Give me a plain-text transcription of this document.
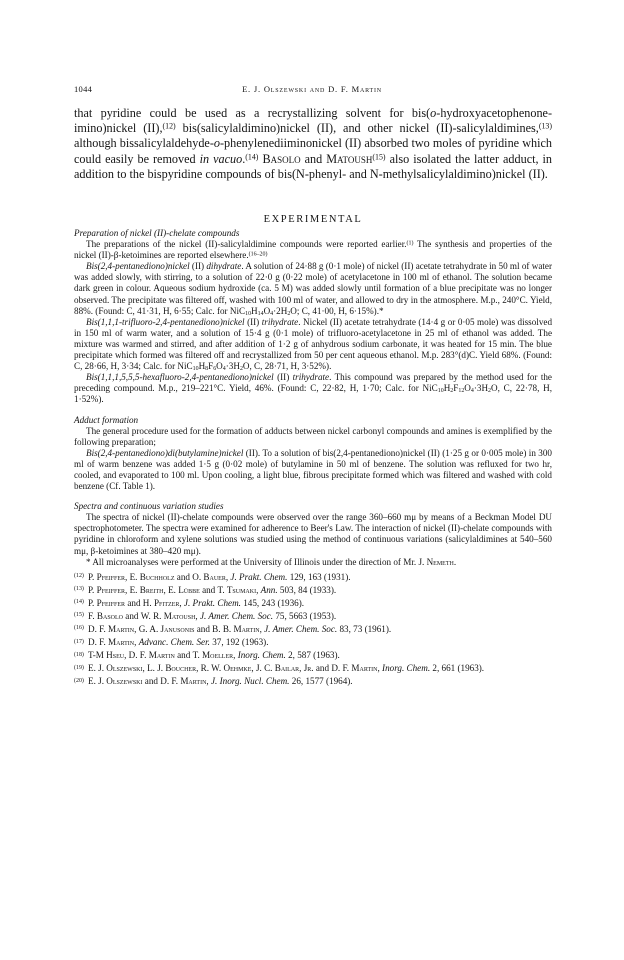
1044	E. J. Olszewski and D. F. Martin

that pyridine could be used as a recrystallizing solvent for bis(o-hydroxyacetophenone-imino)nickel (II),$^{(12)}$ bis(salicylaldimino)nickel (II), and other nickel (II)-salicylaldimines,$^{(13)}$ although bissalicylaldehyde-o-phenylenediiminonickel (II) absorbed two moles of pyridine which could easily be removed in vacuo.$^{(14)}$ Basolo and Matoush$^{(15)}$ also isolated the latter adduct, in addition to the bispyridine compounds of bis(N-phenyl- and N-methylsalicylaldimino)nickel (II).

EXPERIMENTAL

Preparation of nickel (II)-chelate compounds

The preparations of the nickel (II)-salicylaldimine compounds were reported earlier.$^{(1)}$ The synthesis and properties of the nickel (II)-β-ketoimines are reported elsewhere.$^{(16-20)}$

Bis(2,4-pentanediono)nickel (II) dihydrate. A solution of 24·88 g (0·1 mole) of nickel (II) acetate tetrahydrate in 50 ml of water was added slowly, with stirring, to a solution of 22·0 g (0·22 mole) of acetylacetone in 100 ml of ethanol. The solution became dark green in colour. Aqueous sodium hydroxide (ca. 5 M) was added slowly until formation of a blue precipitate was no longer observed. The precipitate was filtered off, washed with 100 ml of water, and allowed to dry in the atmosphere. M.p., 240°C. Yield, 88%. (Found: C, 41·31, H, 6·55; Calc. for $NiC_{10}H_{14}O_4\cdot 2H_2O$; C, 41·00, H, 6·15%).*

Bis(1,1,1-trifluoro-2,4-pentanediono)nickel (II) trihydrate. Nickel (II) acetate tetrahydrate (14·4 g or 0·05 mole) was dissolved in 150 ml of warm water, and a solution of 15·4 g (0·1 mole) of trifluoro-acetylacetone in 25 ml of ethanol was added. The mixture was warmed and stirred, and after addition of 1·2 g of anhydrous sodium carbonate, it was heated for 15 min. The blue precipitate which formed was filtered off and recrystallized from 50 per cent aqueous ethanol. M.p. 283°(d)C. Yield 68%. (Found: C, 28·66, H, 3·34; Calc. for $NiC_{10}H_8F_6O_4\cdot 3H_2O$, C, 28·71, H, 3·52%).

Bis(1,1,1,5,5,5-hexafluoro-2,4-pentanediono)nickel (II) trihydrate. This compound was prepared by the method used for the preceding compound. M.p., 219–221°C. Yield, 46%. (Found: C, 22·82, H, 1·70; Calc. for $NiC_{10}H_2F_{12}O_4\cdot 3H_2O$, C, 22·78, H, 1·52%).

Adduct formation

The general procedure used for the formation of adducts between nickel carbonyl compounds and amines is exemplified by the following preparation;

Bis(2,4-pentanediono)di(butylamine)nickel (II). To a solution of bis(2,4-pentanediono)nickel (II) (1·25 g or 0·005 mole) in 300 ml of warm benzene was added 1·5 g (0·02 mole) of butylamine in 50 ml of benzene. The solution was refluxed for two hr, cooled, and evaporated to 100 ml. Upon cooling, a light blue, fibrous precipitate formed which was filtered and washed with cold benzene (Cf. Table 1).

Spectra and continuous variation studies

The spectra of nickel (II)-chelate compounds were observed over the range 360–660 mμ by means of a Beckman Model DU spectrophotometer. The spectra were examined for adherence to Beer's Law. The interaction of nickel (II)-chelate compounds with pyridine in chloroform and xylene solutions was studied using the method of continuous variations (salicylaldimines at 540–560 mμ, β-ketoimines at 380–420 mμ).

* All microanalyses were performed at the University of Illinois under the direction of Mr. J. Nemeth.

(12) P. Pfeiffer, E. Buchholz and O. Bauer, J. Prakt. Chem. 129, 163 (1931).

(13) P. Pfeiffer, E. Breith, E. Lübbe and T. Tsumaki, Ann. 503, 84 (1933).

(14) P. Pfeiffer and H. Pfitzer, J. Prakt. Chem. 145, 243 (1936).

(15) F. Basolo and W. R. Matoush, J. Amer. Chem. Soc. 75, 5663 (1953).

(16) D. F. Martin, G. A. Janusonis and B. B. Martin, J. Amer. Chem. Soc. 83, 73 (1961).

(17) D. F. Martin, Advanc. Chem. Ser. 37, 192 (1963).

(18) T-M Hseu, D. F. Martin and T. Moeller, Inorg. Chem. 2, 587 (1963).

(19) E. J. Olszewski, L. J. Boucher, R. W. Oehmke, J. C. Bailar, Jr. and D. F. Martin, Inorg. Chem. 2, 661 (1963).

(20) E. J. Olszewski and D. F. Martin, J. Inorg. Nucl. Chem. 26, 1577 (1964).
